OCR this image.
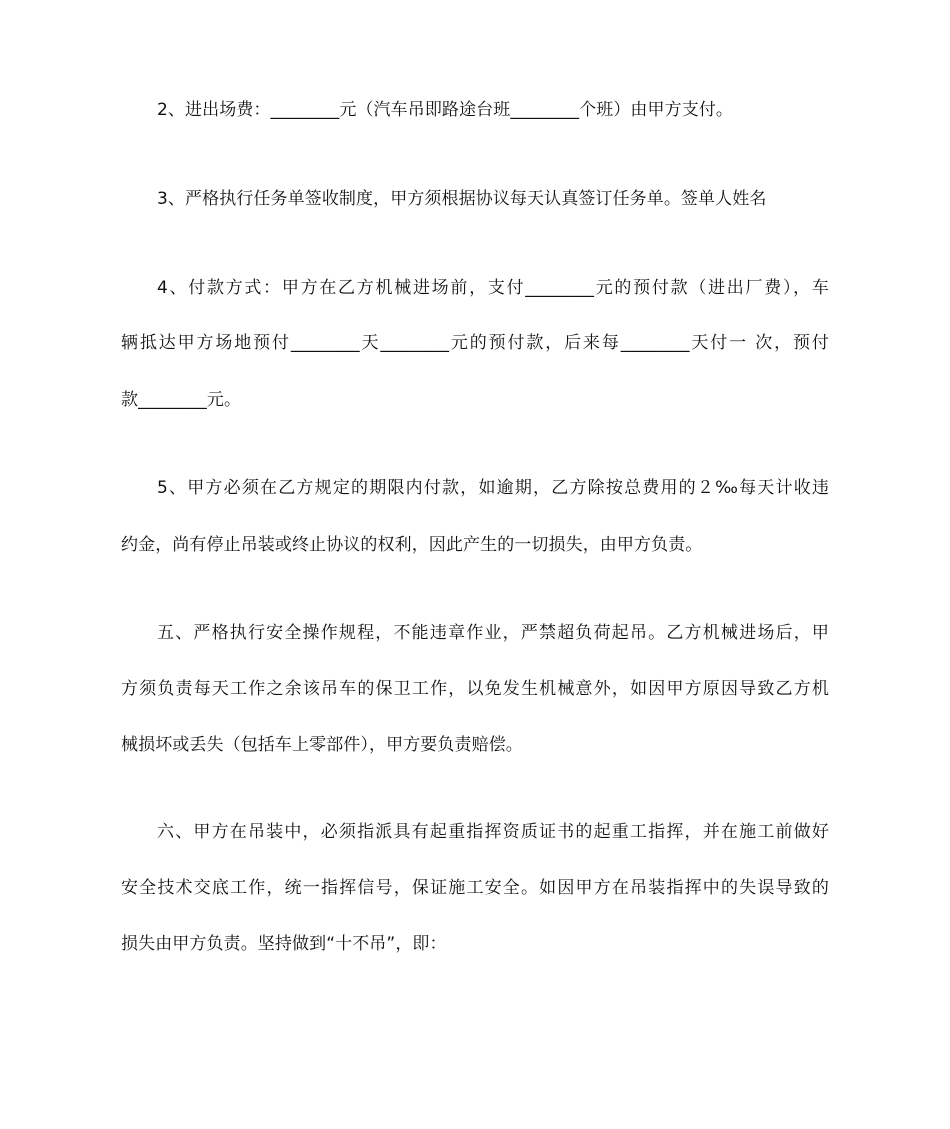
2、进出场费：________元（汽车吊即路途台班________个班）由甲方支付。
3、严格执行任务单签收制度，甲方须根据协议每天认真签订任务单。签单人姓名
4、付款方式：甲方在乙方机械进场前，支付________元的预付款（进出厂费），车
辆抵达甲方场地预付________天________元的预付款，后来每________天付一 次，预付
款________元。
5、甲方必须在乙方规定的期限内付款，如逾期，乙方除按总费用的２‰每天计收违
约金，尚有停止吊装或终止协议的权利，因此产生的一切损失，由甲方负责。
五、严格执行安全操作规程，不能违章作业，严禁超负荷起吊。乙方机械进场后，甲
方须负责每天工作之余该吊车的保卫工作，以免发生机械意外，如因甲方原因导致乙方机
械损坏或丢失（包括车上零部件），甲方要负责赔偿。
六、甲方在吊装中，必须指派具有起重指挥资质证书的起重工指挥，并在施工前做好
安全技术交底工作，统一指挥信号，保证施工安全。如因甲方在吊装指挥中的失误导致的
损失由甲方负责。坚持做到“十不吊”，即：
